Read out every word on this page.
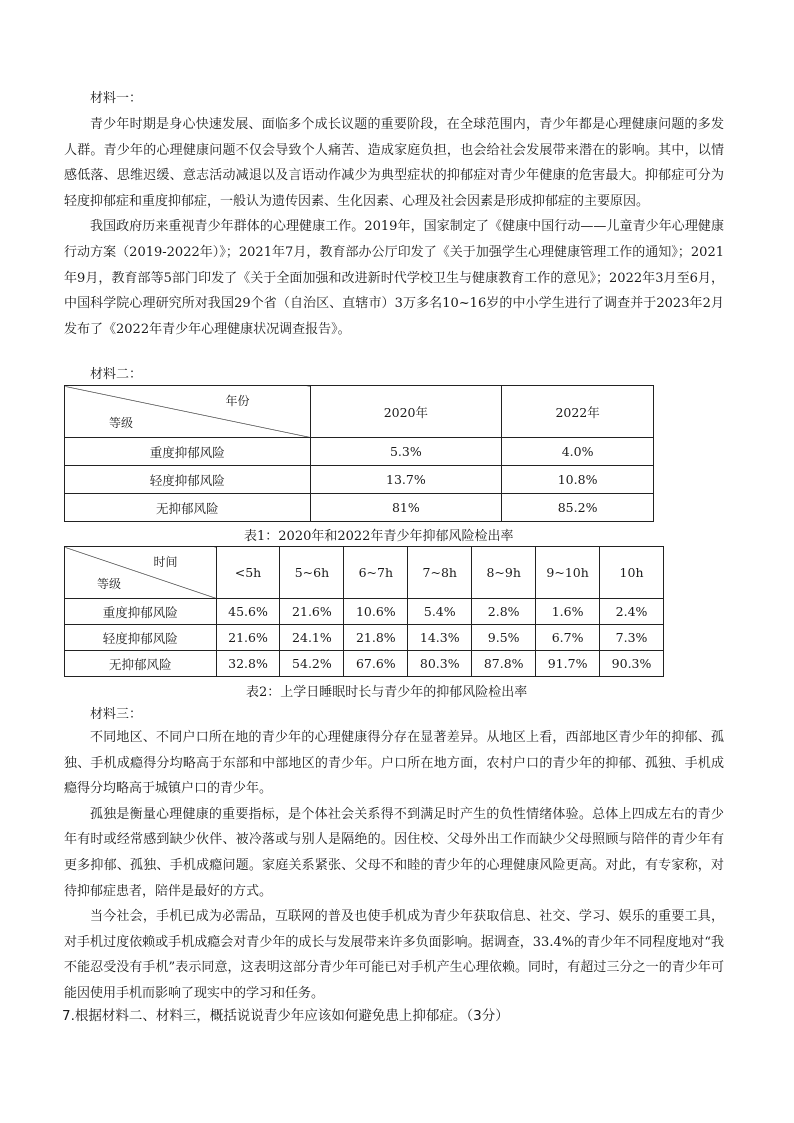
材料一：

青少年时期是身心快速发展、面临多个成长议题的重要阶段，在全球范围内，青少年都是心理健康问题的多发人群。青少年的心理健康问题不仅会导致个人痛苦、造成家庭负担，也会给社会发展带来潜在的影响。其中，以情感低落、思维迟缓、意志活动减退以及言语动作减少为典型症状的抑郁症对青少年健康的危害最大。抑郁症可分为轻度抑郁症和重度抑郁症，一般认为遗传因素、生化因素、心理及社会因素是形成抑郁症的主要原因。

我国政府历来重视青少年群体的心理健康工作。2019年，国家制定了《健康中国行动——儿童青少年心理健康行动方案（2019-2022年）》；2021年7月，教育部办公厅印发了《关于加强学生心理健康管理工作的通知》；2021年9月，教育部等5部门印发了《关于全面加强和改进新时代学校卫生与健康教育工作的意见》；2022年3月至6月，中国科学院心理研究所对我国29个省（自治区、直辖市）3万多名10~16岁的中小学生进行了调查并于2023年2月发布了《2022年青少年心理健康状况调查报告》。

材料二：

年份
等级	2020年	2022年
重度抑郁风险	5.3%	4.0%
轻度抑郁风险	13.7%	10.8%
无抑郁风险	81%	85.2%

表1：2020年和2022年青少年抑郁风险检出率

时间
等级	<5h	5~6h	6~7h	7~8h	8~9h	9~10h	10h
重度抑郁风险	45.6%	21.6%	10.6%	5.4%	2.8%	1.6%	2.4%
轻度抑郁风险	21.6%	24.1%	21.8%	14.3%	9.5%	6.7%	7.3%
无抑郁风险	32.8%	54.2%	67.6%	80.3%	87.8%	91.7%	90.3%

表2：上学日睡眠时长与青少年的抑郁风险检出率

材料三：

不同地区、不同户口所在地的青少年的心理健康得分存在显著差异。从地区上看，西部地区青少年的抑郁、孤独、手机成瘾得分均略高于东部和中部地区的青少年。户口所在地方面，农村户口的青少年的抑郁、孤独、手机成瘾得分均略高于城镇户口的青少年。

孤独是衡量心理健康的重要指标，是个体社会关系得不到满足时产生的负性情绪体验。总体上四成左右的青少年有时或经常感到缺少伙伴、被冷落或与别人是隔绝的。因住校、父母外出工作而缺少父母照顾与陪伴的青少年有更多抑郁、孤独、手机成瘾问题。家庭关系紧张、父母不和睦的青少年的心理健康风险更高。对此，有专家称，对待抑郁症患者，陪伴是最好的方式。

当今社会，手机已成为必需品，互联网的普及也使手机成为青少年获取信息、社交、学习、娱乐的重要工具，对手机过度依赖或手机成瘾会对青少年的成长与发展带来许多负面影响。据调查，33.4%的青少年不同程度地对“我不能忍受没有手机”表示同意，这表明这部分青少年可能已对手机产生心理依赖。同时，有超过三分之一的青少年可能因使用手机而影响了现实中的学习和任务。

7.根据材料二、材料三，概括说说青少年应该如何避免患上抑郁症。（3分）
